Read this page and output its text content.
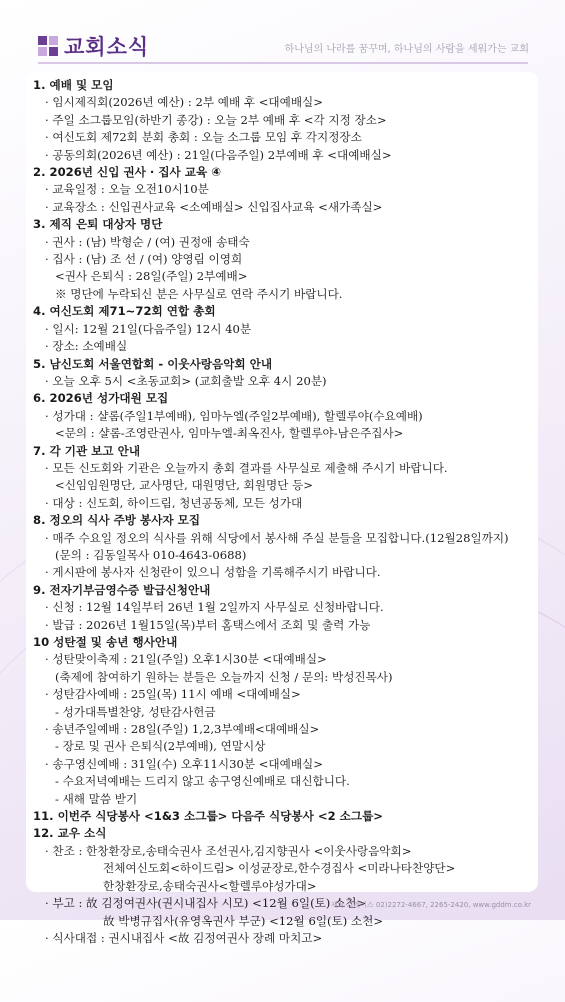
교회소식	하나님의 나라를 꿈꾸며, 하나님의 사람을 세워가는 교회
1. 예배 및 모임
· 임시제직회(2026년 예산) : 2부 예배 후 <대예배실>
· 주일 소그룹모임(하반기 종강) : 오늘 2부 예배 후 <각 지정 장소>
· 여신도회 제72회 분회 총회 : 오늘 소그룹 모임 후 각지정장소
· 공동의회(2026년 예산) : 21일(다음주일) 2부예배 후 <대예배실>
2. 2026년 신입 권사 · 집사 교육 ④
· 교육일정 : 오늘 오전10시10분
· 교육장소 : 신입권사교육 <소예배실> 신입집사교육 <새가족실>
3. 제직 은퇴 대상자 명단
· 권사 : (남) 박형순 / (여) 권정애 송태숙
· 집사 : (남) 조 선 / (여) 양영림 이영희
<권사 은퇴식 : 28일(주일) 2부예배>
※ 명단에 누락되신 분은 사무실로 연락 주시기 바랍니다.
4. 여신도회 제71~72회 연합 총회
· 일시: 12월 21일(다음주일) 12시 40분
· 장소: 소예배실
5. 남신도회 서울연합회 - 이웃사랑음악회 안내
· 오늘 오후 5시 <초동교회> (교회출발 오후 4시 20분)
6. 2026년 성가대원 모집
· 성가대 : 샬롬(주일1부예배), 임마누엘(주일2부예배), 할렐루야(수요예배)
<문의 : 샬롬-조영란권사, 임마누엘-최옥진사, 할렐루야-남은주집사>
7. 각 기관 보고 안내
· 모든 신도회와 기관은 오늘까지 총회 결과를 사무실로 제출해 주시기 바랍니다.
<신임임원명단, 교사명단, 대원명단, 회원명단 등>
· 대상 : 신도회, 하이드림, 청년공동체, 모든 성가대
8. 정오의 식사 주방 봉사자 모집
· 매주 수요일 정오의 식사를 위해 식당에서 봉사해 주실 분들을 모집합니다.(12월28일까지)
(문의 : 김동일목사 010-4643-0688)
· 게시판에 봉사자 신청란이 있으니 성함을 기록해주시기 바랍니다.
9. 전자기부금영수증 발급신청안내
· 신청 : 12월 14일부터 26년 1월 2일까지 사무실로 신청바랍니다.
· 발급 : 2026년 1월15일(목)부터 홈택스에서 조회 및 출력 가능
10 성탄절 및 송년 행사안내
· 성탄맞이축제 : 21일(주일) 오후1시30분 <대예배실>
(축제에 참여하기 원하는 분들은 오늘까지 신청 / 문의: 박성진목사)
· 성탄감사예배 : 25일(목) 11시 예배 <대예배실>
- 성가대특별찬양, 성탄감사헌금
· 송년주일예배 : 28일(주일) 1,2,3부예배<대예배실>
- 장로 및 권사 은퇴식(2부예배), 연말시상
· 송구영신예배 : 31일(수) 오후11시30분 <대예배실>
- 수요저녁예배는 드리지 않고 송구영신예배로 대신합니다.
- 새해 말씀 받기
11. 이번주 식당봉사 <1&3 소그룹> 다음주 식당봉사 <2 소그룹>
12. 교우 소식
· 찬조 : 한창환장로,송태숙권사 조선권사,김지향권사 <이웃사랑음악회>
전체여신도회<하이드림> 이성균장로,한수경집사 <미라나타찬양단>
한창환장로,송태숙권사<할렐루야성가대>
· 부고 : 故 김정여권사(권시내집사 시모) <12월 6일(토) 소천>
故 박병규집사(유영옥권사 부군) <12월 6일(토) 소천>
· 식사대접 : 권시내집사 <故 김정여권사 장례 마치고>
제작 그레이스 02)2272-4667, 2265-2420, www.gddm.co.kr
